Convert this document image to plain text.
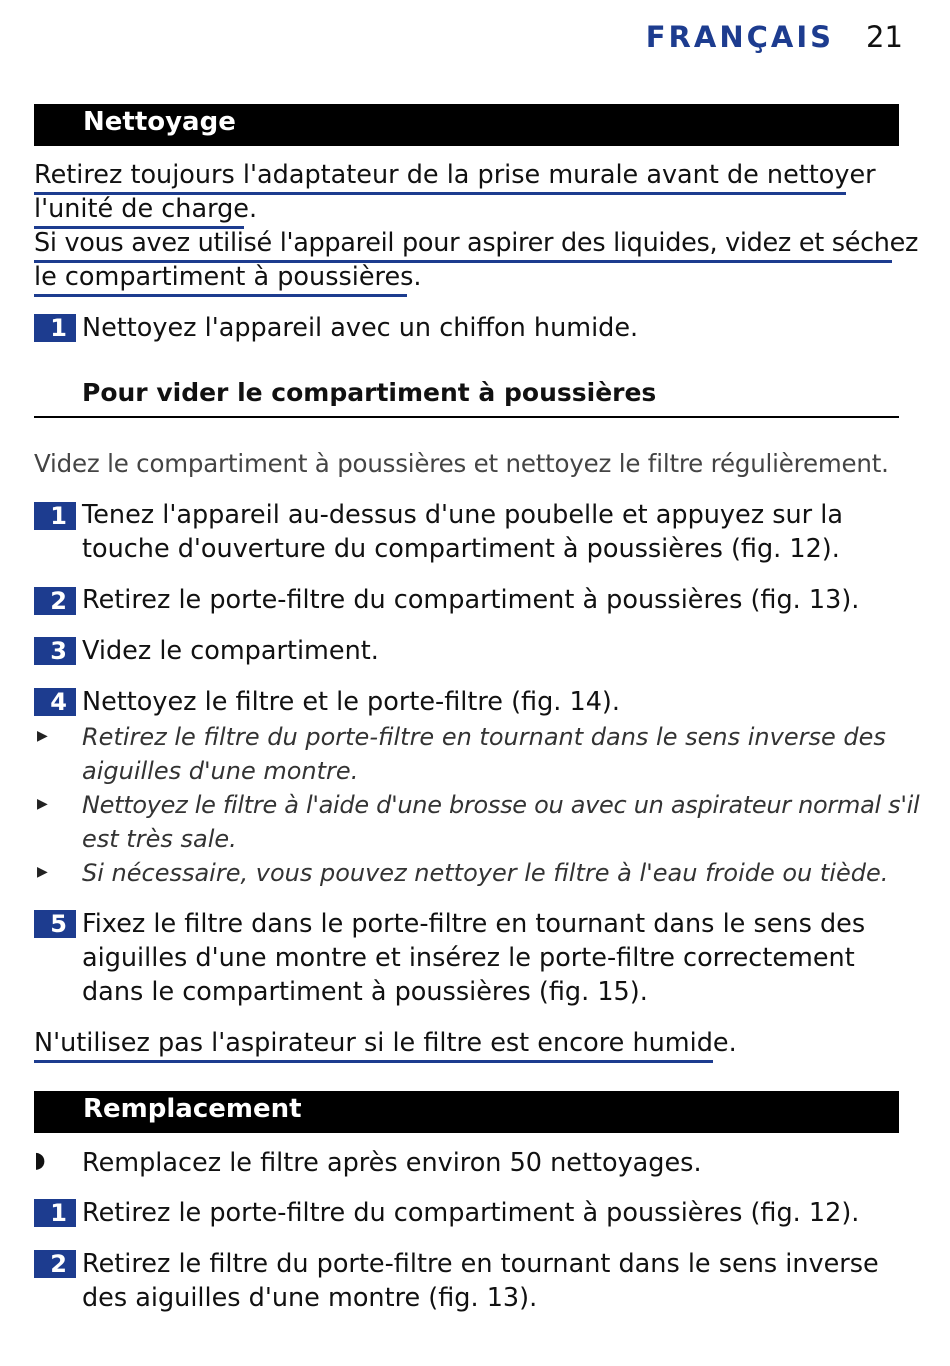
FRANÇAIS 21
Nettoyage
Retirez toujours l'adaptateur de la prise murale avant de nettoyer
l'unité de charge.
Si vous avez utilisé l'appareil pour aspirer des liquides, videz et séchez
le compartiment à poussières.
1 Nettoyez l'appareil avec un chiffon humide.
Pour vider le compartiment à poussières
Videz le compartiment à poussières et nettoyez le filtre régulièrement.
1 Tenez l'appareil au-dessus d'une poubelle et appuyez sur la
touche d'ouverture du compartiment à poussières (fig. 12).
2 Retirez le porte-filtre du compartiment à poussières (fig. 13).
3 Videz le compartiment.
4 Nettoyez le filtre et le porte-filtre (fig. 14).
▶ Retirez le filtre du porte-filtre en tournant dans le sens inverse des
aiguilles d'une montre.
▶ Nettoyez le filtre à l'aide d'une brosse ou avec un aspirateur normal s'il
est très sale.
▶ Si nécessaire, vous pouvez nettoyer le filtre à l'eau froide ou tiède.
5 Fixez le filtre dans le porte-filtre en tournant dans le sens des
aiguilles d'une montre et insérez le porte-filtre correctement
dans le compartiment à poussières (fig. 15).
N'utilisez pas l'aspirateur si le filtre est encore humide.
Remplacement
◗ Remplacez le filtre après environ 50 nettoyages.
1 Retirez le porte-filtre du compartiment à poussières (fig. 12).
2 Retirez le filtre du porte-filtre en tournant dans le sens inverse
des aiguilles d'une montre (fig. 13).
